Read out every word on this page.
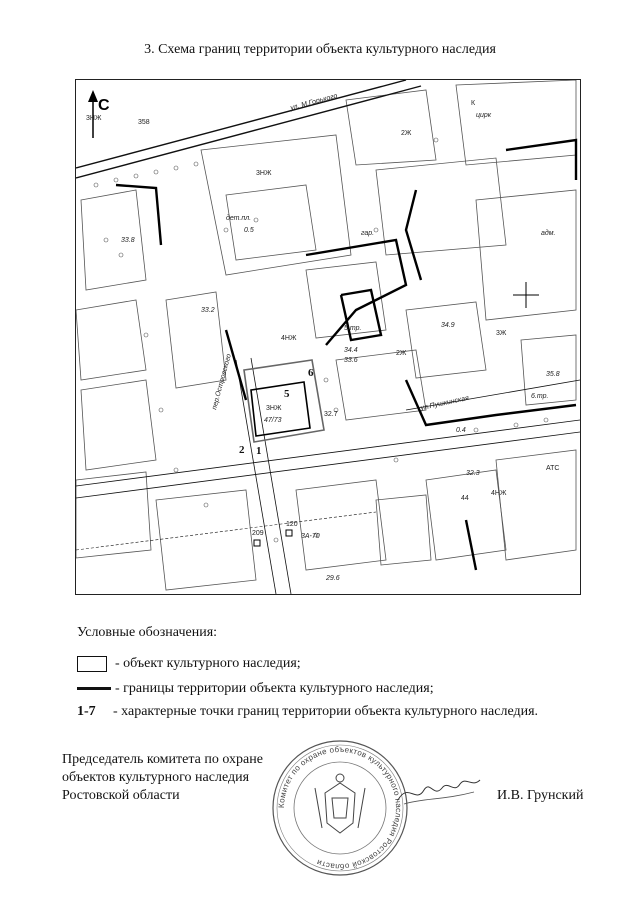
3. Схема границ территории объекта культурного наследия
1
2
5
6
С	ул. М.Горького
пер.Островского	ул.Пушкинская
3НЖ
К
цирк
2Ж
дет.пл.
адм.
4НЖ
2Ж
3Ж
АТС
44
4НЖ
3НЖ
гар.
5.тр.
6.тр.
3НЖ
47/73
33.8
33.2
34.4
34.9
33.6
32.7
32.3
35.8
29.6
0.4
0.5
358
209
120
3А-70
Условные обозначения:
- объект культурного наследия;
- границы территории объекта культурного наследия;
1-7 - характерные точки границ территории объекта культурного наследия.
Председатель комитета по охране
объектов культурного наследия
Ростовской области
Комитет по охране объектов культурного наследия Ростовской области
И.В. Грунский
